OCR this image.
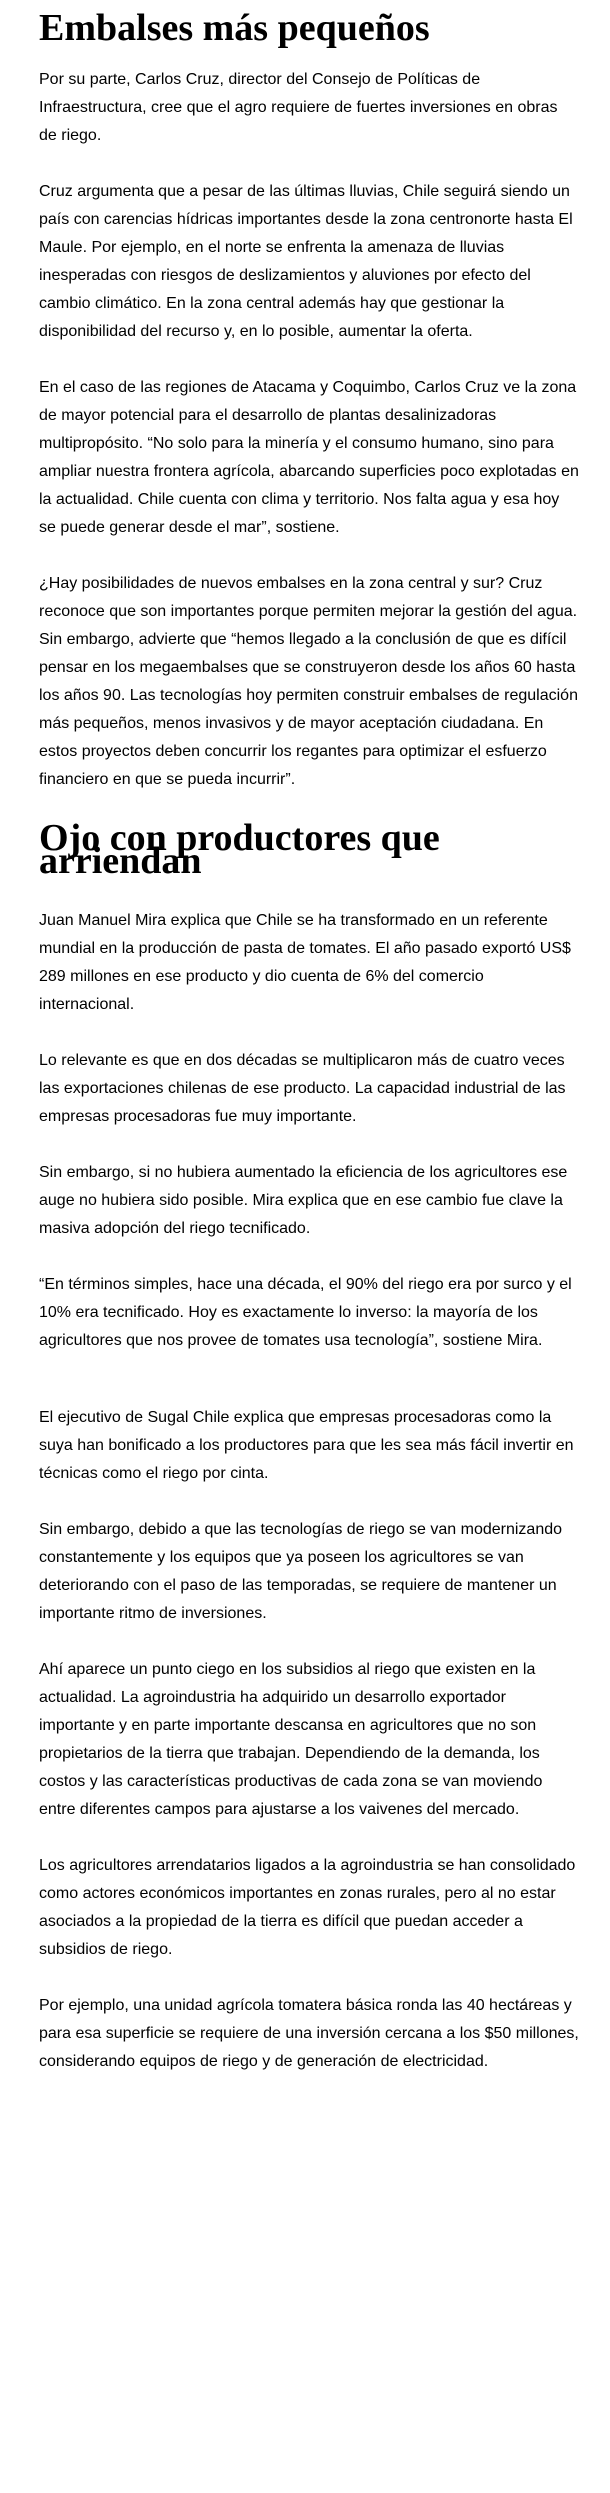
Embalses más pequeños

Por su parte, Carlos Cruz, director del Consejo de Políticas de Infraestructura, cree que el agro requiere de fuertes inversiones en obras de riego.

Cruz argumenta que a pesar de las últimas lluvias, Chile seguirá siendo un país con carencias hídricas importantes desde la zona centronorte hasta El Maule. Por ejemplo, en el norte se enfrenta la amenaza de lluvias inesperadas con riesgos de deslizamientos y aluviones por efecto del cambio climático. En la zona central además hay que gestionar la disponibilidad del recurso y, en lo posible, aumentar la oferta.

En el caso de las regiones de Atacama y Coquimbo, Carlos Cruz ve la zona de mayor potencial para el desarrollo de plantas desalinizadoras multipropósito. “No solo para la minería y el consumo humano, sino para ampliar nuestra frontera agrícola, abarcando superficies poco explotadas en la actualidad. Chile cuenta con clima y territorio. Nos falta agua y esa hoy se puede generar desde el mar”, sostiene.

¿Hay posibilidades de nuevos embalses en la zona central y sur? Cruz reconoce que son importantes porque permiten mejorar la gestión del agua. Sin embargo, advierte que “hemos llegado a la conclusión de que es difícil pensar en los megaembalses que se construyeron desde los años 60 hasta los años 90. Las tecnologías hoy permiten construir embalses de regulación más pequeños, menos invasivos y de mayor aceptación ciudadana. En estos proyectos deben concurrir los regantes para optimizar el esfuerzo financiero en que se pueda incurrir”.

Ojo con productores que arriendan

Juan Manuel Mira explica que Chile se ha transformado en un referente mundial en la producción de pasta de tomates. El año pasado exportó US$ 289 millones en ese producto y dio cuenta de 6% del comercio internacional.

Lo relevante es que en dos décadas se multiplicaron más de cuatro veces las exportaciones chilenas de ese producto. La capacidad industrial de las empresas procesadoras fue muy importante.

Sin embargo, si no hubiera aumentado la eficiencia de los agricultores ese auge no hubiera sido posible. Mira explica que en ese cambio fue clave la masiva adopción del riego tecnificado.

“En términos simples, hace una década, el 90% del riego era por surco y el 10% era tecnificado. Hoy es exactamente lo inverso: la mayoría de los agricultores que nos provee de tomates usa tecnología”, sostiene Mira.

El ejecutivo de Sugal Chile explica que empresas procesadoras como la suya han bonificado a los productores para que les sea más fácil invertir en técnicas como el riego por cinta.

Sin embargo, debido a que las tecnologías de riego se van modernizando constantemente y los equipos que ya poseen los agricultores se van deteriorando con el paso de las temporadas, se requiere de mantener un importante ritmo de inversiones.

Ahí aparece un punto ciego en los subsidios al riego que existen en la actualidad. La agroindustria ha adquirido un desarrollo exportador importante y en parte importante descansa en agricultores que no son propietarios de la tierra que trabajan. Dependiendo de la demanda, los costos y las características productivas de cada zona se van moviendo entre diferentes campos para ajustarse a los vaivenes del mercado.

Los agricultores arrendatarios ligados a la agroindustria se han consolidado como actores económicos importantes en zonas rurales, pero al no estar asociados a la propiedad de la tierra es difícil que puedan acceder a subsidios de riego.

Por ejemplo, una unidad agrícola tomatera básica ronda las 40 hectáreas y para esa superficie se requiere de una inversión cercana a los $50 millones, considerando equipos de riego y de generación de electricidad.
